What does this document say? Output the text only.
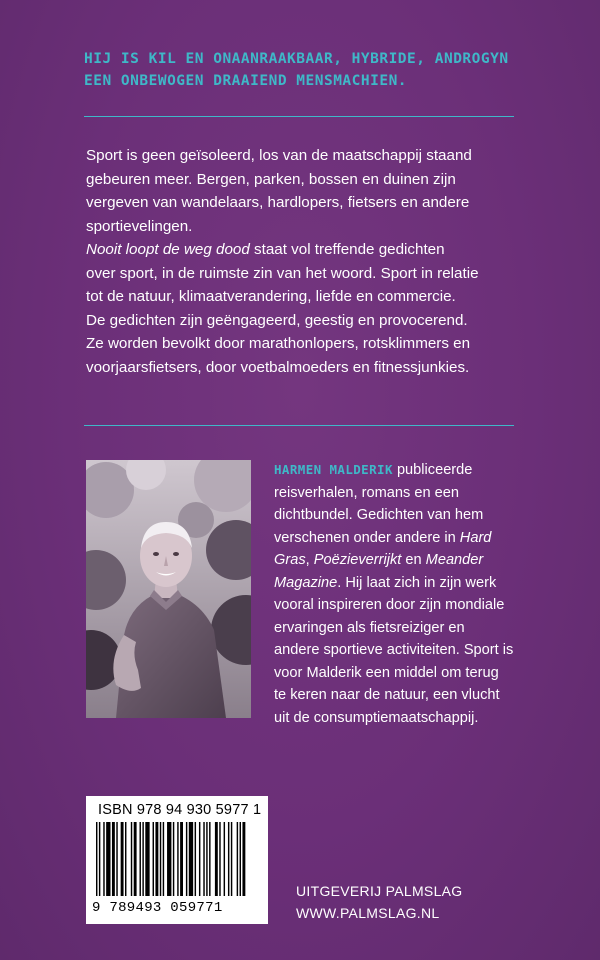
HIJ IS KIL EN ONAANRAAKBAAR, HYBRIDE, ANDROGYN
EEN ONBEWOGEN DRAAIEND MENSMACHIEN.
Sport is geen geïsoleerd, los van de maatschappij staand
gebeuren meer. Bergen, parken, bossen en duinen zijn
vergeven van wandelaars, hardlopers, fietsers en andere
sportievelingen.
Nooit loopt de weg dood staat vol treffende gedichten
over sport, in de ruimste zin van het woord. Sport in relatie
tot de natuur, klimaatverandering, liefde en commercie.
De gedichten zijn geëngageerd, geestig en provocerend.
Ze worden bevolkt door marathonlopers, rotsklimmers en
voorjaarsfietsers, door voetbalmoeders en fitnessjunkies.
HARMEN MALDERIK publiceerde
reisverhalen, romans en een
dichtbundel. Gedichten van hem
verschenen onder andere in Hard
Gras, Poëzieverrijkt en Meander
Magazine. Hij laat zich in zijn werk
vooral inspireren door zijn mondiale
ervaringen als fietsreiziger en
andere sportieve activiteiten. Sport is
voor Malderik een middel om terug
te keren naar de natuur, een vlucht
uit de consumptiemaatschappij.
ISBN 978 94 930 5977 1
9 789493 059771
UITGEVERIJ PALMSLAG
WWW.PALMSLAG.NL
